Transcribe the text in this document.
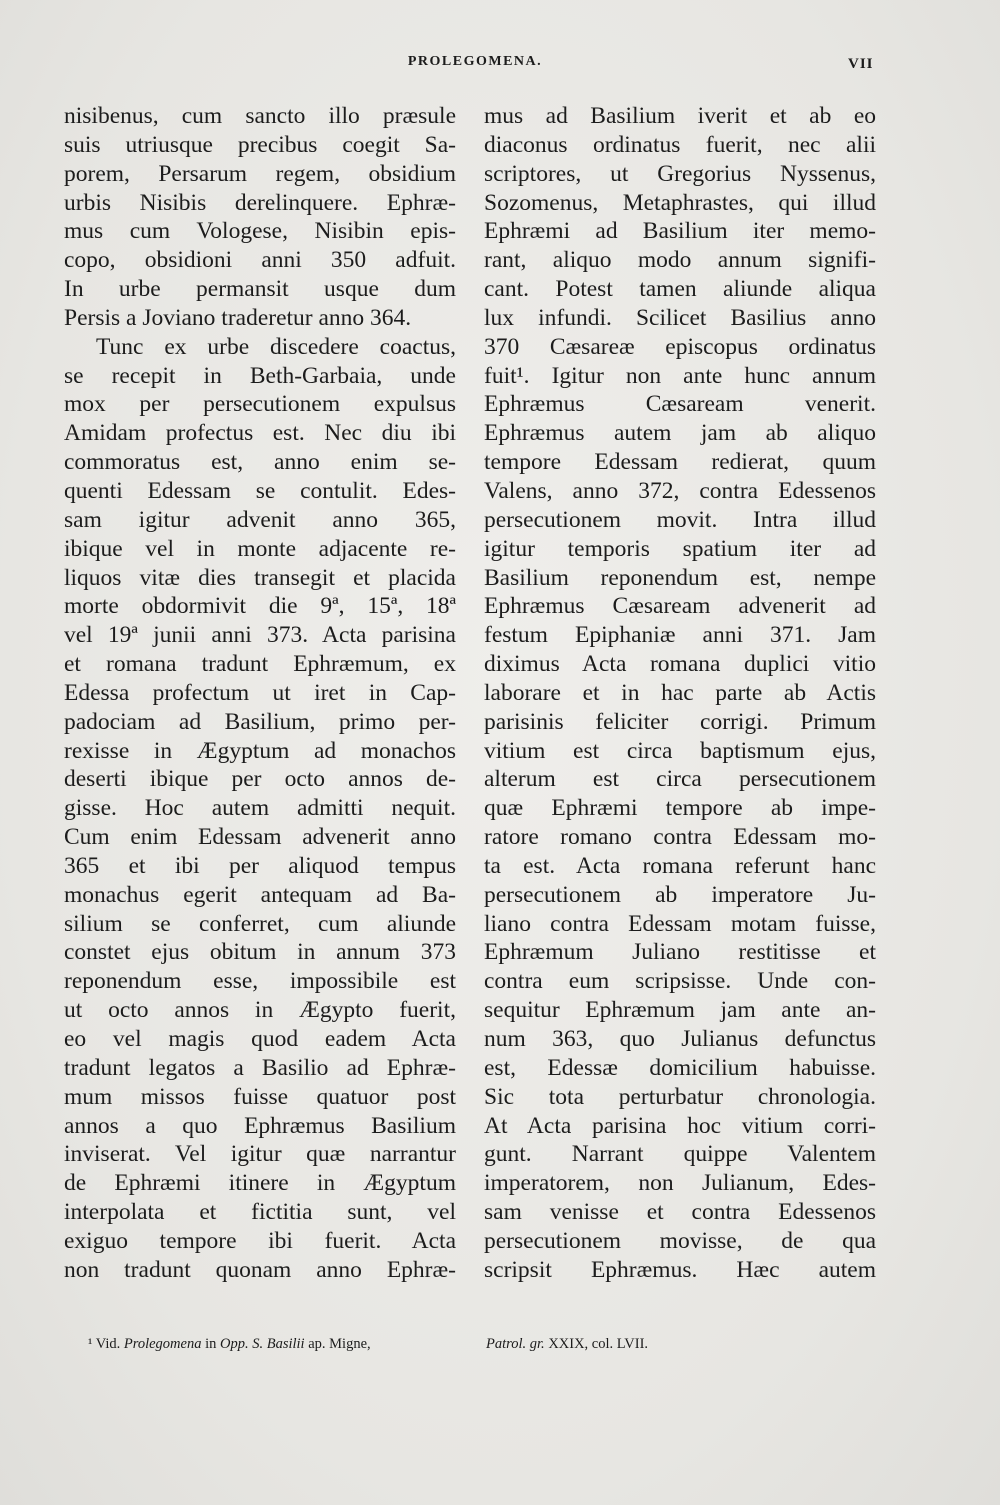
PROLEGOMENA.	VII
nisibenus, cum sancto illo præsule
suis utriusque precibus coegit Sa-
porem, Persarum regem, obsidium
urbis Nisibis derelinquere. Ephræ-
mus cum Vologese, Nisibin epis-
copo, obsidioni anni 350 adfuit.
In urbe permansit usque dum
Persis a Joviano traderetur anno 364.
Tunc ex urbe discedere coactus,
se recepit in Beth-Garbaia, unde
mox per persecutionem expulsus
Amidam profectus est. Nec diu ibi
commoratus est, anno enim se-
quenti Edessam se contulit. Edes-
sam igitur advenit anno 365,
ibique vel in monte adjacente re-
liquos vitæ dies transegit et placida
morte obdormivit die 9ª, 15ª, 18ª
vel 19ª junii anni 373. Acta parisina
et romana tradunt Ephræmum, ex
Edessa profectum ut iret in Cap-
padociam ad Basilium, primo per-
rexisse in Ægyptum ad monachos
deserti ibique per octo annos de-
gisse. Hoc autem admitti nequit.
Cum enim Edessam advenerit anno
365 et ibi per aliquod tempus
monachus egerit antequam ad Ba-
silium se conferret, cum aliunde
constet ejus obitum in annum 373
reponendum esse, impossibile est
ut octo annos in Ægypto fuerit,
eo vel magis quod eadem Acta
tradunt legatos a Basilio ad Ephræ-
mum missos fuisse quatuor post
annos a quo Ephræmus Basilium
inviserat. Vel igitur quæ narrantur
de Ephræmi itinere in Ægyptum
interpolata et fictitia sunt, vel
exiguo tempore ibi fuerit. Acta
non tradunt quonam anno Ephræ-
mus ad Basilium iverit et ab eo
diaconus ordinatus fuerit, nec alii
scriptores, ut Gregorius Nyssenus,
Sozomenus, Metaphrastes, qui illud
Ephræmi ad Basilium iter memo-
rant, aliquo modo annum signifi-
cant. Potest tamen aliunde aliqua
lux infundi. Scilicet Basilius anno
370 Cæsareæ episcopus ordinatus
fuit¹. Igitur non ante hunc annum
Ephræmus Cæsaream venerit.
Ephræmus autem jam ab aliquo
tempore Edessam redierat, quum
Valens, anno 372, contra Edessenos
persecutionem movit. Intra illud
igitur temporis spatium iter ad
Basilium reponendum est, nempe
Ephræmus Cæsaream advenerit ad
festum Epiphaniæ anni 371. Jam
diximus Acta romana duplici vitio
laborare et in hac parte ab Actis
parisinis feliciter corrigi. Primum
vitium est circa baptismum ejus,
alterum est circa persecutionem
quæ Ephræmi tempore ab impe-
ratore romano contra Edessam mo-
ta est. Acta romana referunt hanc
persecutionem ab imperatore Ju-
liano contra Edessam motam fuisse,
Ephræmum Juliano restitisse et
contra eum scripsisse. Unde con-
sequitur Ephræmum jam ante an-
num 363, quo Julianus defunctus
est, Edessæ domicilium habuisse.
Sic tota perturbatur chronologia.
At Acta parisina hoc vitium corri-
gunt. Narrant quippe Valentem
imperatorem, non Julianum, Edes-
sam venisse et contra Edessenos
persecutionem movisse, de qua
scripsit Ephræmus. Hæc autem
¹ Vid. Prolegomena in Opp. S. Basilii ap. Migne,	Patrol. gr. XXIX, col. LVII.
